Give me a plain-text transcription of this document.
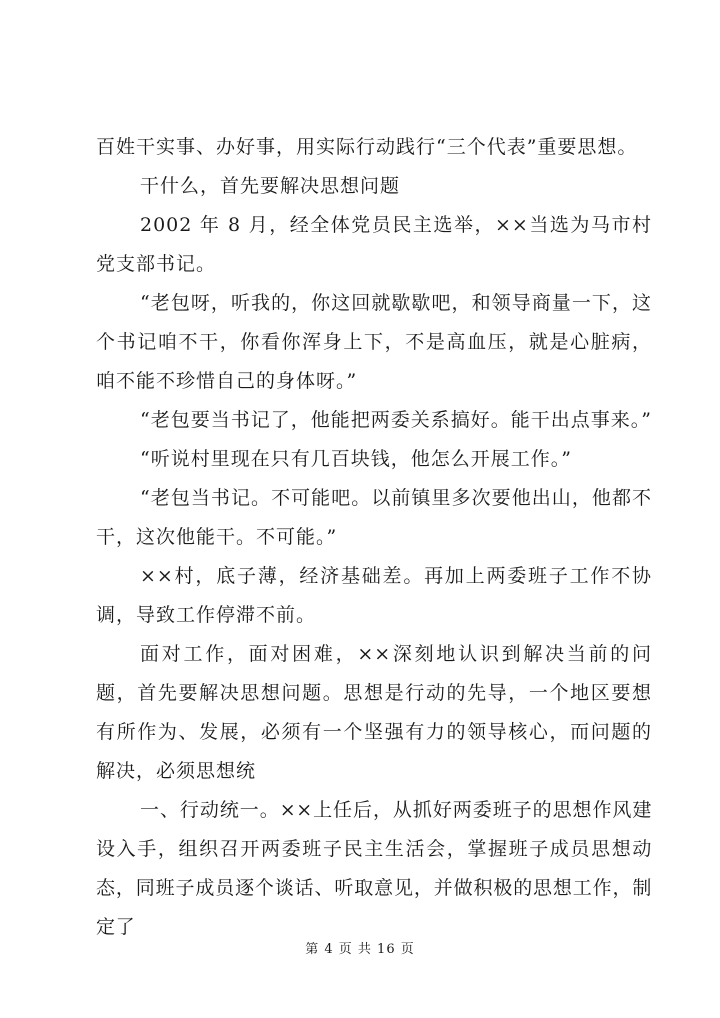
百姓干实事、办好事，用实际行动践行“三个代表”重要思想。

干什么，首先要解决思想问题

2002 年 8 月，经全体党员民主选举，××当选为马市村党支部书记。

“老包呀，听我的，你这回就歇歇吧，和领导商量一下，这个书记咱不干，你看你浑身上下，不是高血压，就是心脏病，咱不能不珍惜自己的身体呀。”

“老包要当书记了，他能把两委关系搞好。能干出点事来。”

“听说村里现在只有几百块钱，他怎么开展工作。”

“老包当书记。不可能吧。以前镇里多次要他出山，他都不干，这次他能干。不可能。”

××村，底子薄，经济基础差。再加上两委班子工作不协调，导致工作停滞不前。

面对工作，面对困难，××深刻地认识到解决当前的问题，首先要解决思想问题。思想是行动的先导，一个地区要想有所作为、发展，必须有一个坚强有力的领导核心，而问题的解决，必须思想统

一、行动统一。××上任后，从抓好两委班子的思想作风建设入手，组织召开两委班子民主生活会，掌握班子成员思想动态，同班子成员逐个谈话、听取意见，并做积极的思想工作，制定了

第 4 页 共 16 页
